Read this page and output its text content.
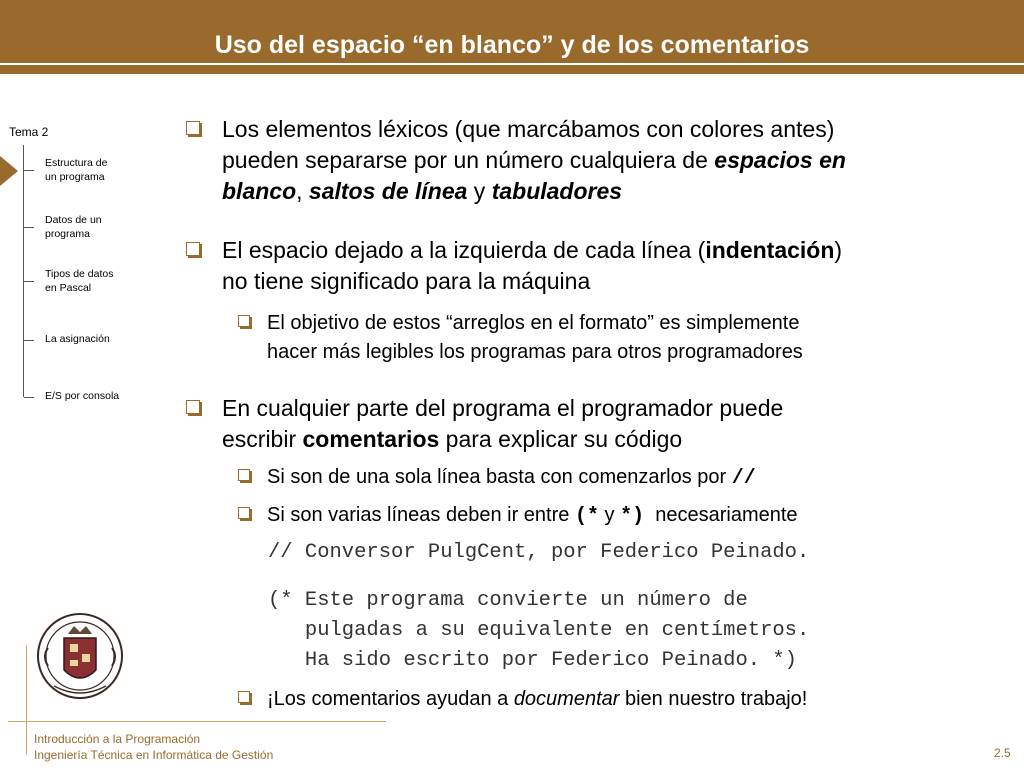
Uso del espacio “en blanco” y de los comentarios
Tema 2
Estructura de
un programa
Datos de un
programa
Tipos de datos
en Pascal
La asignación
E/S por consola
Introducción a la Programación
Ingeniería Técnica en Informática de Gestión	2.5
Los elementos léxicos (que marcábamos con colores antes)
pueden separarse por un número cualquiera de espacios en
blanco, saltos de línea y tabuladores
El espacio dejado a la izquierda de cada línea (indentación)
no tiene significado para la máquina
El objetivo de estos “arreglos en el formato” es simplemente
hacer más legibles los programas para otros programadores
En cualquier parte del programa el programador puede
escribir comentarios para explicar su código
Si son de una sola línea basta con comenzarlos por //
Si son varias líneas deben ir entre (* y *)  necesariamente
// Conversor PulgCent, por Federico Peinado.
(* Este programa convierte un número de
pulgadas a su equivalente en centímetros.
Ha sido escrito por Federico Peinado. *)
¡Los comentarios ayudan a documentar bien nuestro trabajo!
